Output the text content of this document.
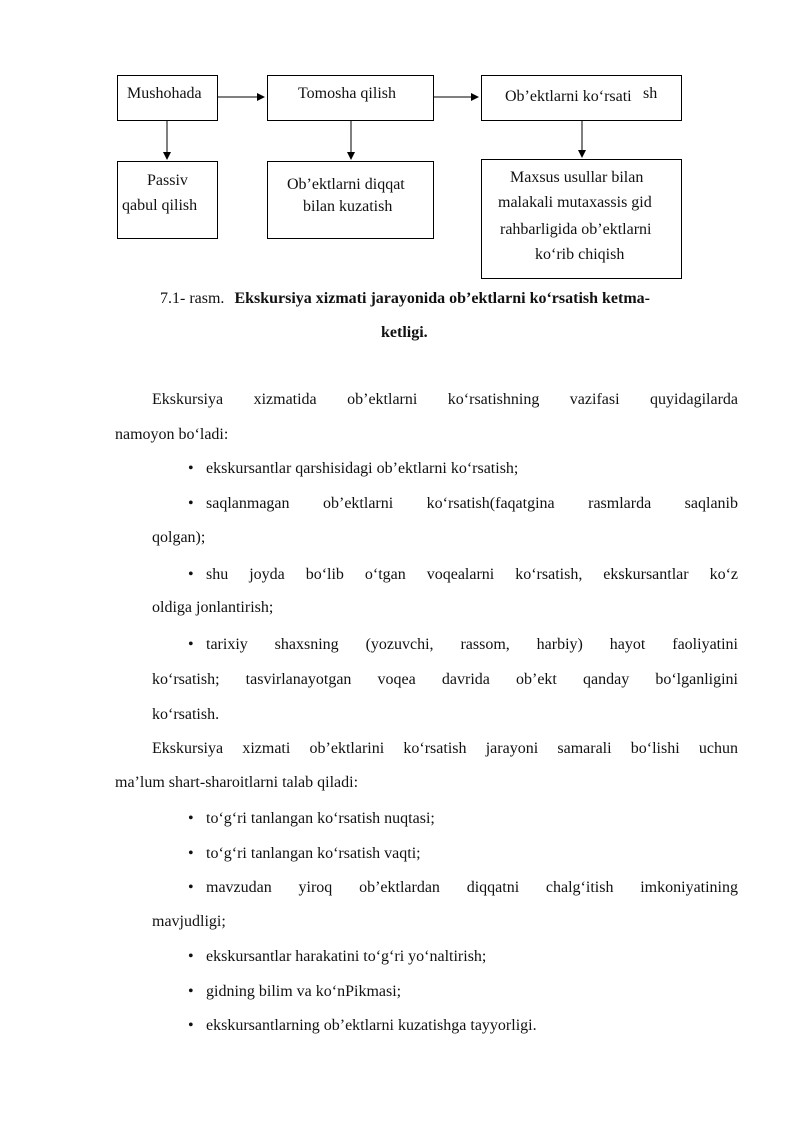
Mushohada	Tomosha qilish	Ob’ektlarni ko‘rsati sh
Passiv
qabul qilish
Ob’ektlarni diqqat
bilan kuzatish
Maxsus usullar bilan
malakali mutaxassis gid
rahbarligida ob’ektlarni
ko‘rib chiqish
7.1- rasm. Ekskursiya xizmati jarayonida ob’ektlarni ko‘rsatish ketma-
ketligi.
Ekskursiya xizmatida ob’ektlarni ko‘rsatishning vazifasi quyidagilarda
namoyon bo‘ladi:
• ekskursantlar qarshisidagi ob’ektlarni ko‘rsatish;
• saqlanmagan ob’ektlarni ko‘rsatish(faqatgina rasmlarda saqlanib
qolgan);
• shu joyda bo‘lib o‘tgan voqealarni ko‘rsatish, ekskursantlar ko‘z
oldiga jonlantirish;
• tarixiy shaxsning (yozuvchi, rassom, harbiy) hayot faoliyatini
ko‘rsatish; tasvirlanayotgan voqea davrida ob’ekt qanday bo‘lganligini
ko‘rsatish.
Ekskursiya xizmati ob’ektlarini ko‘rsatish jarayoni samarali bo‘lishi uchun
ma’lum shart-sharoitlarni talab qiladi:
• to‘g‘ri tanlangan ko‘rsatish nuqtasi;
• to‘g‘ri tanlangan ko‘rsatish vaqti;
• mavzudan yiroq ob’ektlardan diqqatni chalg‘itish imkoniyatining
mavjudligi;
• ekskursantlar harakatini to‘g‘ri yo‘naltirish;
• gidning bilim va ko‘nPikmasi;
• ekskursantlarning ob’ektlarni kuzatishga tayyorligi.
